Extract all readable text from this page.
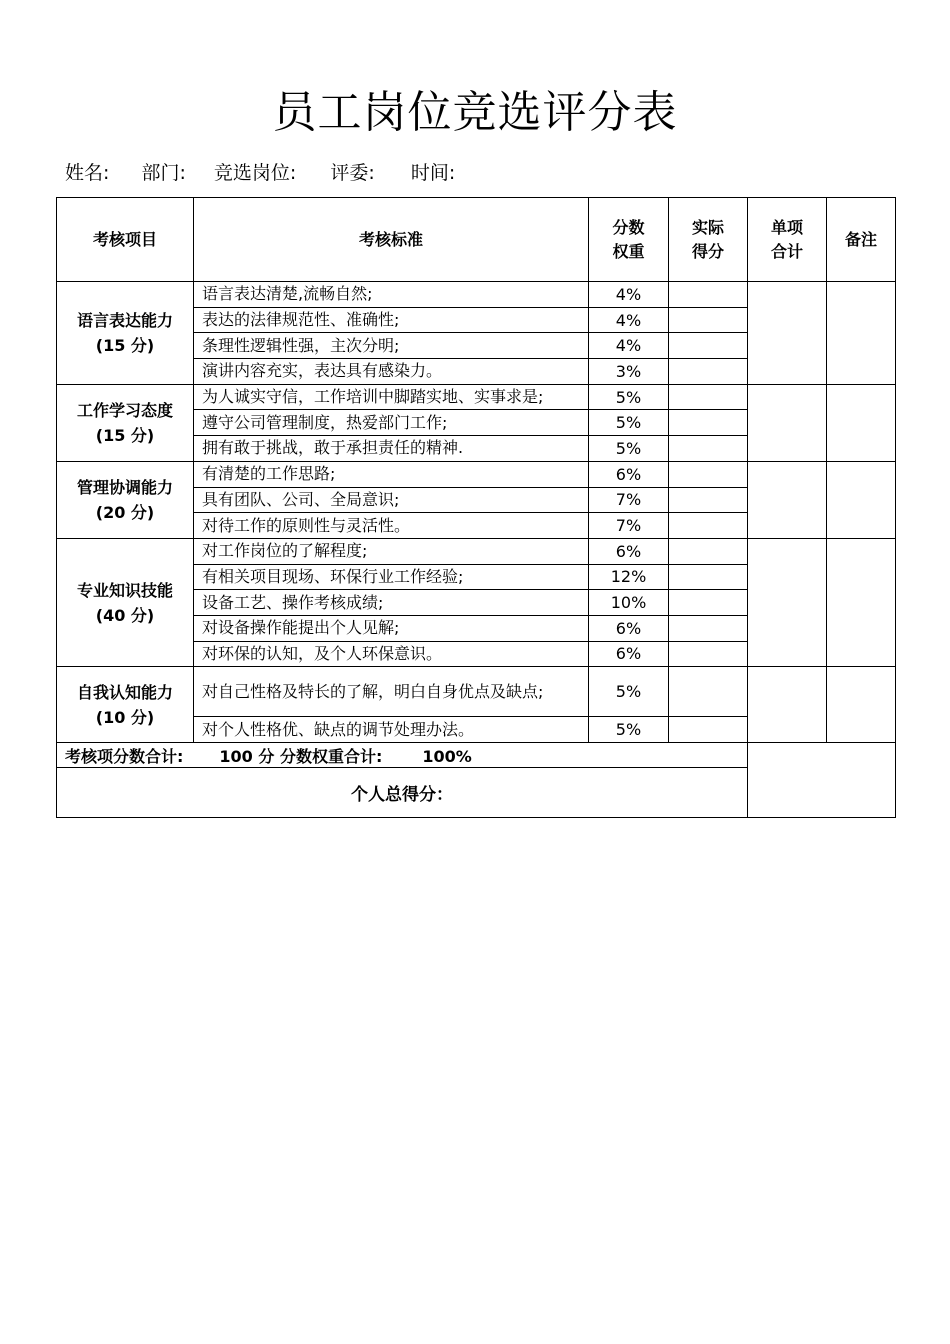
员工岗位竞选评分表
姓名: 部门: 竞选岗位: 评委: 时间:
考核项目	考核标准	分数权重	实际得分	单项合计	备注

语言表达能力
(15 分)	语言表达清楚,流畅自然;	4%			
	表达的法律规范性、准确性;	4%			
	条理性逻辑性强，主次分明;	4%			
	演讲内容充实，表达具有感染力。	3%			

工作学习态度
(15 分)	为人诚实守信，工作培训中脚踏实地、实事求是;	5%			
	遵守公司管理制度，热爱部门工作;	5%			
	拥有敢于挑战，敢于承担责任的精神.	5%			

管理协调能力
(20 分)	有清楚的工作思路;	6%			
	具有团队、公司、全局意识;	7%			
	对待工作的原则性与灵活性。	7%			

专业知识技能
(40 分)	对工作岗位的了解程度;	6%			
	有相关项目现场、环保行业工作经验;	12%			
	设备工艺、操作考核成绩;	10%			
	对设备操作能提出个人见解;	6%			
	对环保的认知，及个人环保意识。	6%			

自我认知能力
(10 分)	对自己性格及特长的了解，明白自身优点及缺点;	5%			
	对个人性格优、缺点的调节处理办法。	5%			
考核项分数合计: 100 分 分数权重合计: 100%					
个人总得分：					
